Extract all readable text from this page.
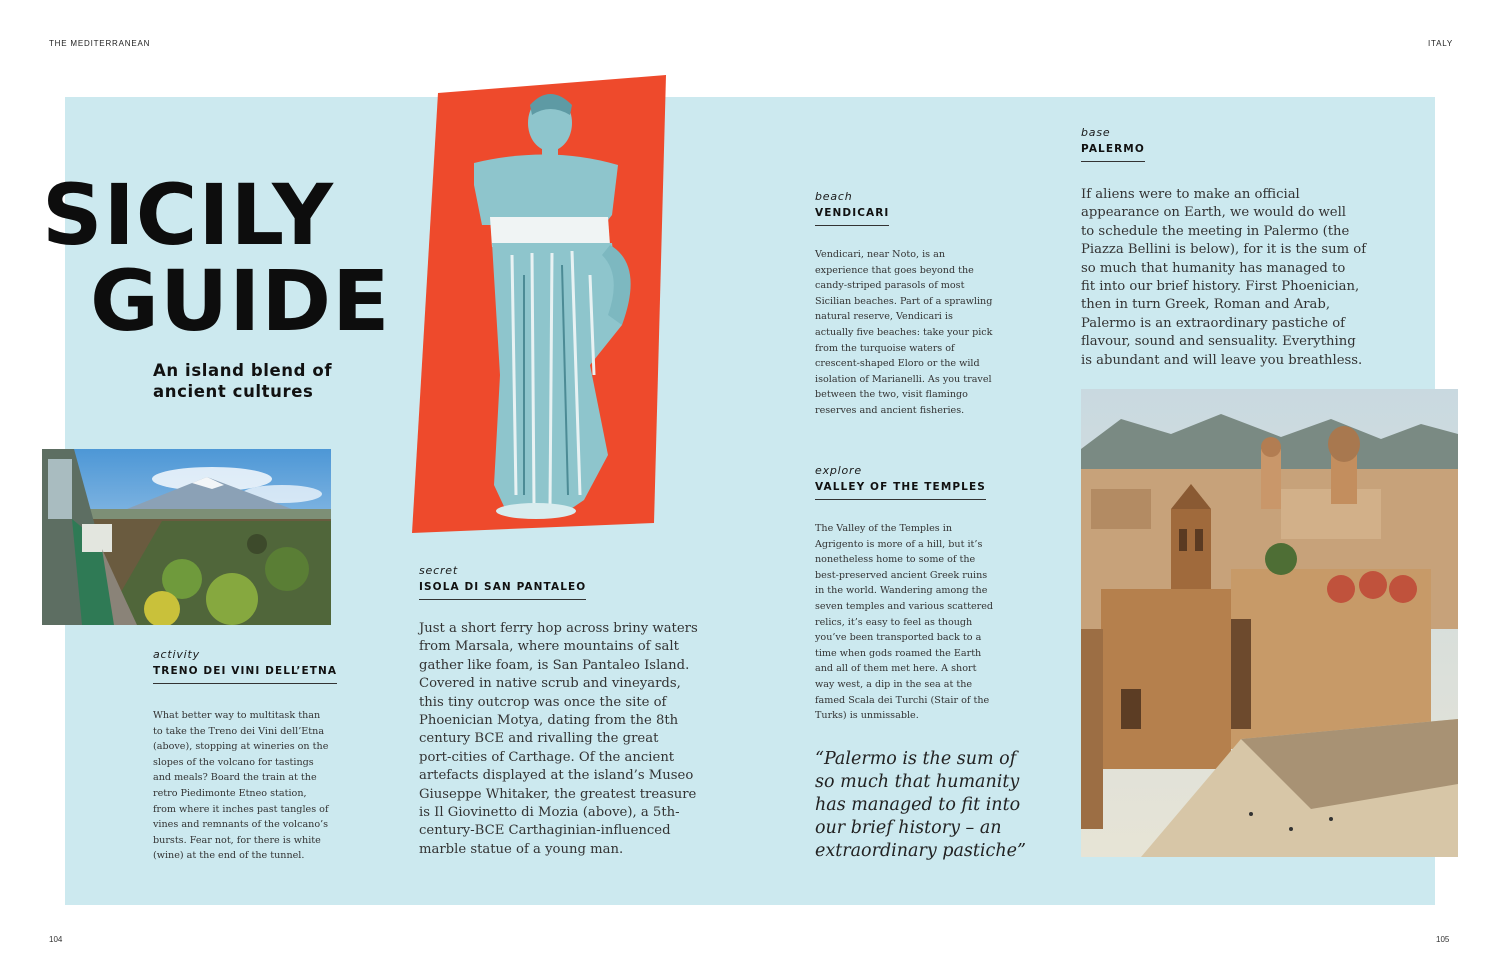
THE MEDITERRANEAN	ITALY
SICILY
GUIDE
An island blend of
ancient cultures
activity
TRENO DEI VINI DELL’ETNA
What better way to multitask than
to take the Treno dei Vini dell’Etna
(above), stopping at wineries on the
slopes of the volcano for tastings
and meals? Board the train at the
retro Piedimonte Etneo station,
from where it inches past tangles of
vines and remnants of the volcano’s
bursts. Fear not, for there is white
(wine) at the end of the tunnel.
secret
ISOLA DI SAN PANTALEO
Just a short ferry hop across briny waters
from Marsala, where mountains of salt
gather like foam, is San Pantaleo Island.
Covered in native scrub and vineyards,
this tiny outcrop was once the site of
Phoenician Motya, dating from the 8th
century BCE and rivalling the great
port-cities of Carthage. Of the ancient
artefacts displayed at the island’s Museo
Giuseppe Whitaker, the greatest treasure
is Il Giovinetto di Mozia (above), a 5th-
century-BCE Carthaginian-influenced
marble statue of a young man.
beach
VENDICARI
Vendicari, near Noto, is an
experience that goes beyond the
candy-striped parasols of most
Sicilian beaches. Part of a sprawling
natural reserve, Vendicari is
actually five beaches: take your pick
from the turquoise waters of
crescent-shaped Eloro or the wild
isolation of Marianelli. As you travel
between the two, visit flamingo
reserves and ancient fisheries.
explore
VALLEY OF THE TEMPLES
The Valley of the Temples in
Agrigento is more of a hill, but it’s
nonetheless home to some of the
best-preserved ancient Greek ruins
in the world. Wandering among the
seven temples and various scattered
relics, it’s easy to feel as though
you’ve been transported back to a
time when gods roamed the Earth
and all of them met here. A short
way west, a dip in the sea at the
famed Scala dei Turchi (Stair of the
Turks) is unmissable.
“Palermo is the sum of
so much that humanity
has managed to fit into
our brief history – an
extraordinary pastiche”
base
PALERMO
If aliens were to make an official
appearance on Earth, we would do well
to schedule the meeting in Palermo (the
Piazza Bellini is below), for it is the sum of
so much that humanity has managed to
fit into our brief history. First Phoenician,
then in turn Greek, Roman and Arab,
Palermo is an extraordinary pastiche of
flavour, sound and sensuality. Everything
is abundant and will leave you breathless.
104	105
